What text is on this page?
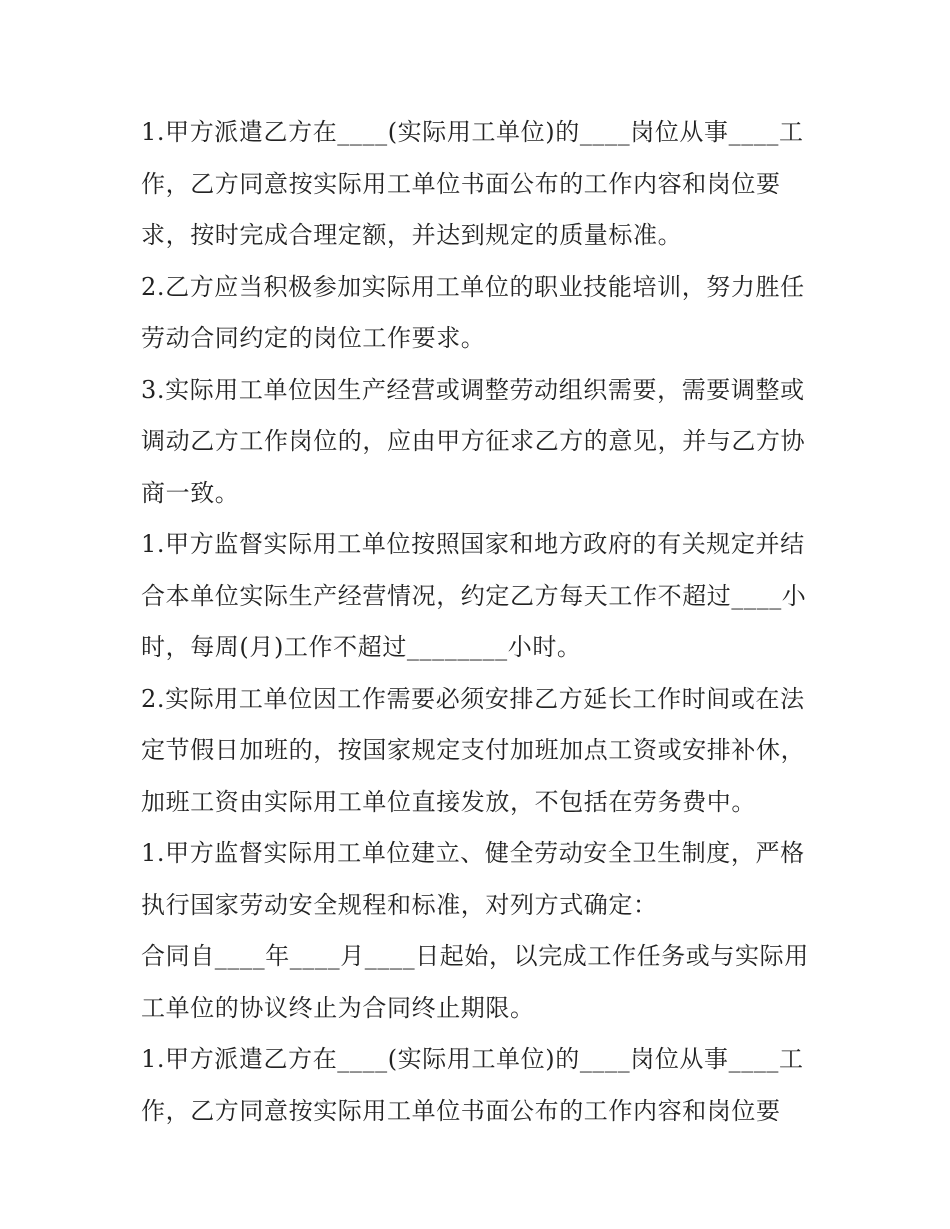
1.甲方派遣乙方在____(实际用工单位)的____岗位从事____工作，乙方同意按实际用工单位书面公布的工作内容和岗位要求，按时完成合理定额，并达到规定的质量标准。

2.乙方应当积极参加实际用工单位的职业技能培训，努力胜任劳动合同约定的岗位工作要求。

3.实际用工单位因生产经营或调整劳动组织需要，需要调整或调动乙方工作岗位的，应由甲方征求乙方的意见，并与乙方协商一致。

1.甲方监督实际用工单位按照国家和地方政府的有关规定并结合本单位实际生产经营情况，约定乙方每天工作不超过____小时，每周(月)工作不超过________小时。

2.实际用工单位因工作需要必须安排乙方延长工作时间或在法定节假日加班的，按国家规定支付加班加点工资或安排补休，加班工资由实际用工单位直接发放，不包括在劳务费中。

1.甲方监督实际用工单位建立、健全劳动安全卫生制度，严格执行国家劳动安全规程和标准，对列方式确定：

合同自____年____月____日起始，以完成工作任务或与实际用工单位的协议终止为合同终止期限。

1.甲方派遣乙方在____(实际用工单位)的____岗位从事____工作，乙方同意按实际用工单位书面公布的工作内容和岗位要
